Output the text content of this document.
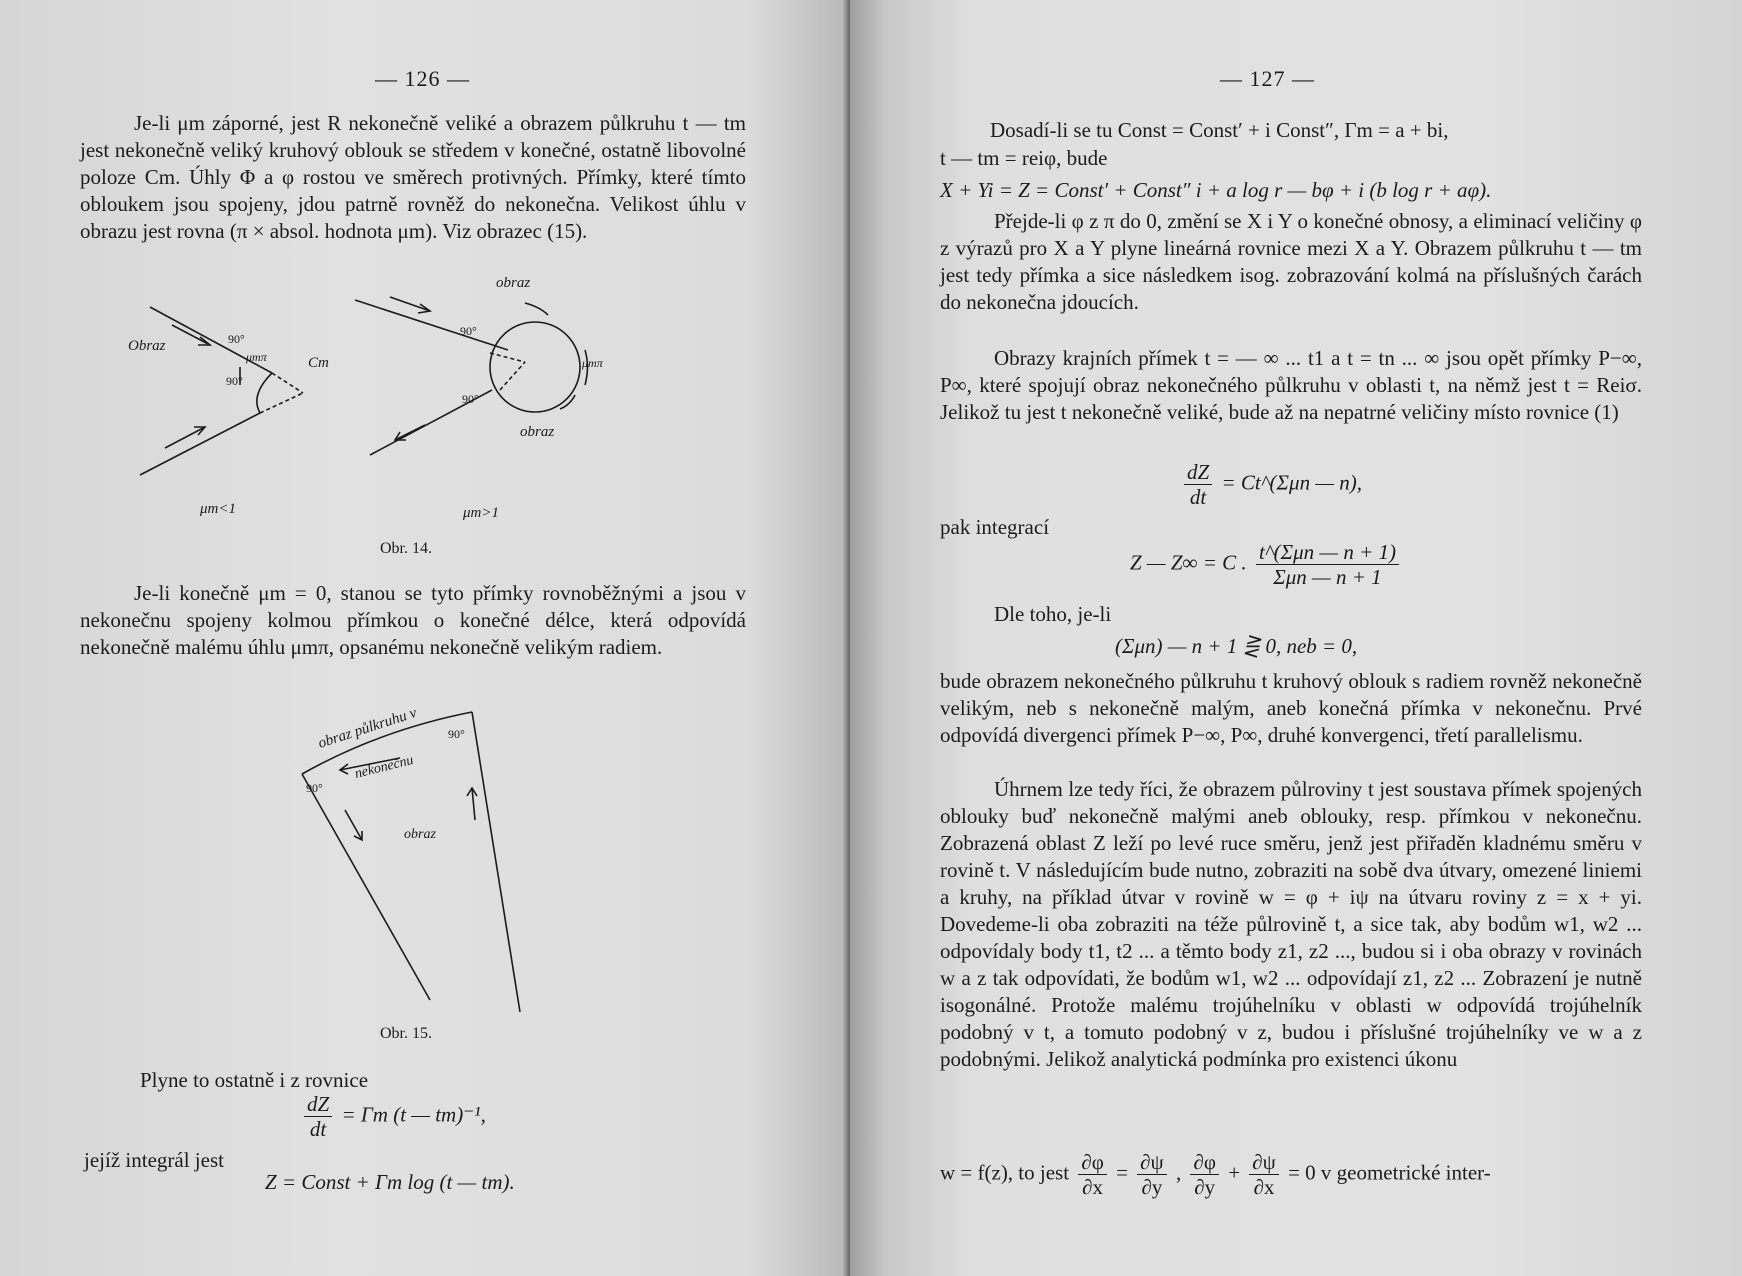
— 126 —
Je-li μm záporné, jest R nekonečně veliké a obrazem půlkruhu t — tm jest nekonečně veliký kruhový oblouk se středem v konečné, ostatně libovolné poloze Cm. Úhly Φ a φ rostou ve směrech protivných. Přímky, které tímto obloukem jsou spojeny, jdou patrně rovněž do nekonečna. Velikost úhlu v obrazu jest rovna (π × absol. hodnota μm). Viz obrazec (15).
Obraz	90°
90°
μmπ	Cm
μm<1
obraz
90°
90°
μmπ
obraz
μm>1
Obr. 14.
Je-li konečně μm = 0, stanou se tyto přímky rovnoběžnými a jsou v nekonečnu spojeny kolmou přímkou o konečné délce, která odpovídá nekonečně malému úhlu μmπ, opsanému nekonečně velikým radiem.
obraz půlkruhu v
nekonečnu
90°
90°
obraz
Obr. 15.
Plyne to ostatně i z rovnice
$\frac{dZ}{dt} = \Gamma m$ (t — tm)⁻¹,
jejíž integrál jest
Z = Const + Γm log (t — tm).
— 127 —
Dosadí-li se tu Const = Const′ + i Const″, Γm = a + bi,
t — tm = reiφ, bude
X + Yi = Z = Const′ + Const″ i + a log r — bφ + i (b log r + aφ).
Přejde-li φ z π do 0, změní se X i Y o konečné obnosy, a eliminací veličiny φ z výrazů pro X a Y plyne lineárná rovnice mezi X a Y. Obrazem půlkruhu t — tm jest tedy přímka a sice následkem isog. zobrazování kolmá na příslušných čarách do nekonečna jdoucích.
Obrazy krajních přímek t = — ∞ ... t1 a t = tn ... ∞ jsou opět přímky P−∞, P∞, které spojují obraz nekonečného půlkruhu v oblasti t, na němž jest t = Reiσ. Jelikož tu jest t nekonečně veliké, bude až na nepatrné veličiny místo rovnice (1)
$\frac{dZ}{dt}$ = Ct^(Σμn — n),
pak integrací
Z — Z∞ = C . $\frac{\text{t\textasciicircum{}(Σμn — n + 1)}}{\text{Σμn — n + 1}}$
Dle toho, je-li
(Σμn) — n + 1 ⋛ 0, neb = 0,
bude obrazem nekonečného půlkruhu t kruhový oblouk s radiem rovněž nekonečně velikým, neb s nekonečně malým, aneb konečná přímka v nekonečnu. Prvé odpovídá divergenci přímek P−∞, P∞, druhé konvergenci, třetí parallelismu.
Úhrnem lze tedy říci, že obrazem půlroviny t jest soustava přímek spojených oblouky buď nekonečně malými aneb oblouky, resp. přímkou v nekonečnu. Zobrazená oblast Z leží po levé ruce směru, jenž jest přiřaděn kladnému směru v rovině t. V následujícím bude nutno, zobraziti na sobě dva útvary, omezené liniemi a kruhy, na příklad útvar v rovině w = φ + iψ na útvaru roviny z = x + yi. Dovedeme-li oba zobraziti na téže půlrovině t, a sice tak, aby bodům w1, w2 ... odpovídaly body t1, t2 ... a těmto body z1, z2 ..., budou si i oba obrazy v rovinách w a z tak odpovídati, že bodům w1, w2 ... odpovídají z1, z2 ... Zobrazení je nutně isogonálné. Protože malému trojúhelníku v oblasti w odpovídá trojúhelník podobný v t, a tomuto podobný v z, budou i příslušné trojúhelníky ve w a z podobnými. Jelikož analytická podmínka pro existenci úkonu
w = f(z), to jest $\frac{\partial\varphi}{\partial x} = \frac{\partial\psi}{\partial y}$ , $\frac{\partial\varphi}{\partial y} + \frac{\partial\psi}{\partial x} = 0$ v geometrické inter-
